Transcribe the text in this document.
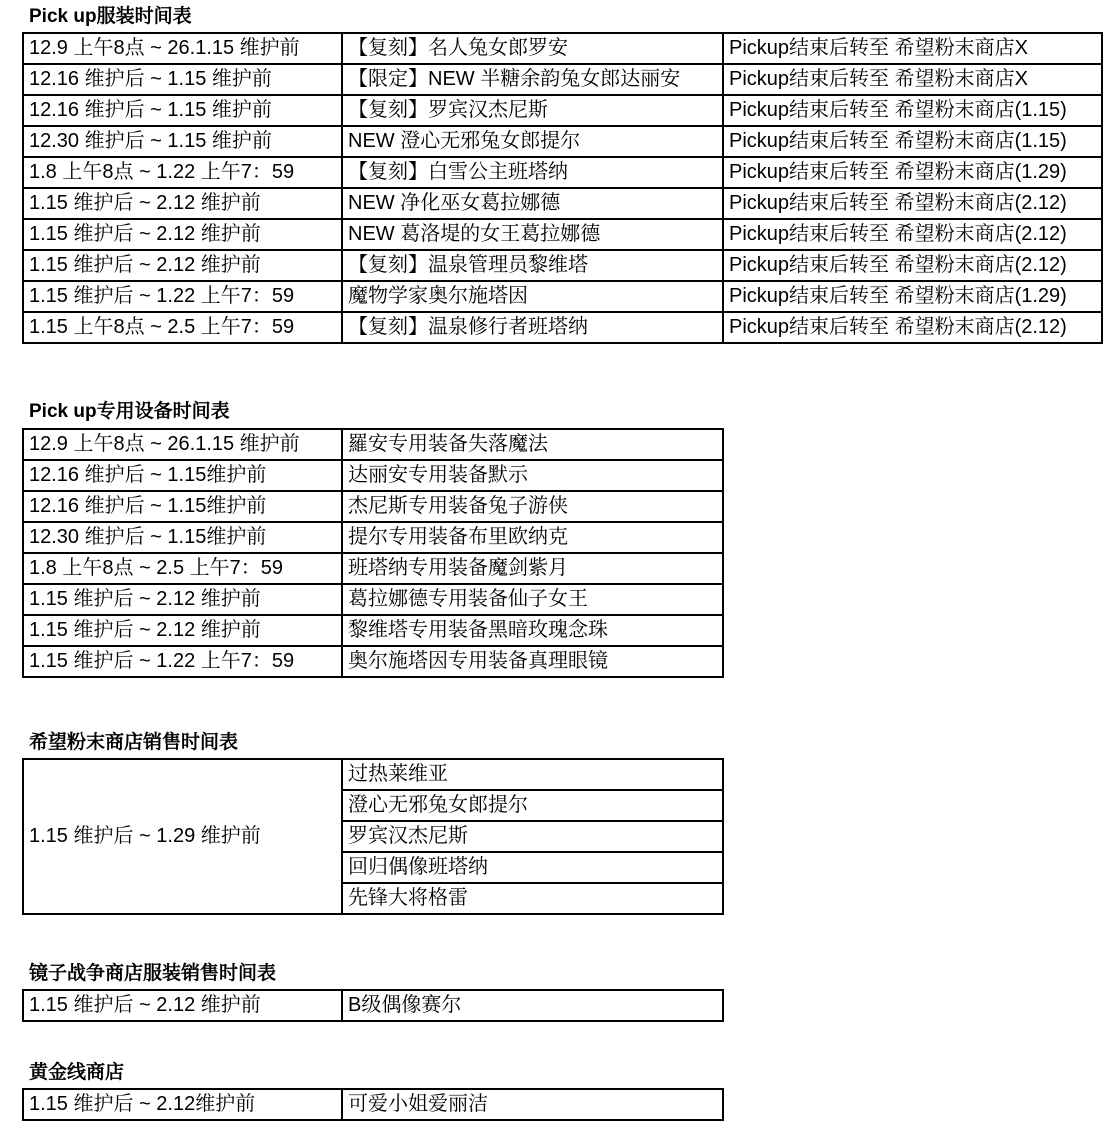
Pick up服装时间表
12.9 上午8点 ~ 26.1.15 维护前	【复刻】名人兔女郎罗安	Pickup结束后转至 希望粉末商店X
12.16 维护后 ~ 1.15 维护前	【限定】NEW 半糖余韵兔女郎达丽安	Pickup结束后转至 希望粉末商店X
12.16 维护后 ~ 1.15 维护前	【复刻】罗宾汉杰尼斯	Pickup结束后转至 希望粉末商店(1.15)
12.30 维护后 ~ 1.15 维护前	NEW 澄心无邪兔女郎提尔	Pickup结束后转至 希望粉末商店(1.15)
1.8 上午8点 ~ 1.22 上午7：59	【复刻】白雪公主班塔纳	Pickup结束后转至 希望粉末商店(1.29)
1.15 维护后 ~ 2.12 维护前	NEW 净化巫女葛拉娜德	Pickup结束后转至 希望粉末商店(2.12)
1.15 维护后 ~ 2.12 维护前	NEW 葛洛堤的女王葛拉娜德	Pickup结束后转至 希望粉末商店(2.12)
1.15 维护后 ~ 2.12 维护前	【复刻】温泉管理员黎维塔	Pickup结束后转至 希望粉末商店(2.12)
1.15 维护后 ~ 1.22 上午7：59	魔物学家奥尔施塔因	Pickup结束后转至 希望粉末商店(1.29)
1.15 上午8点 ~ 2.5 上午7：59	【复刻】温泉修行者班塔纳	Pickup结束后转至 希望粉末商店(2.12)
Pick up专用设备时间表
12.9 上午8点 ~ 26.1.15 维护前	羅安专用装备失落魔法
12.16 维护后 ~ 1.15维护前	达丽安专用装备默示
12.16 维护后 ~ 1.15维护前	杰尼斯专用装备兔子游侠
12.30 维护后 ~ 1.15维护前	提尔专用装备布里欧纳克
1.8 上午8点 ~ 2.5 上午7：59	班塔纳专用装备魔剑紫月
1.15 维护后 ~ 2.12 维护前	葛拉娜德专用装备仙子女王
1.15 维护后 ~ 2.12 维护前	黎维塔专用装备黑暗玫瑰念珠
1.15 维护后 ~ 1.22 上午7：59	奥尔施塔因专用装备真理眼镜
希望粉末商店销售时间表
1.15 维护后 ~ 1.29 维护前	过热莱维亚
澄心无邪兔女郎提尔
罗宾汉杰尼斯
回归偶像班塔纳
先锋大将格雷
镜子战争商店服装销售时间表
1.15 维护后 ~ 2.12 维护前	B级偶像赛尔
黄金线商店
1.15 维护后 ~ 2.12维护前	可爱小姐爱丽洁
